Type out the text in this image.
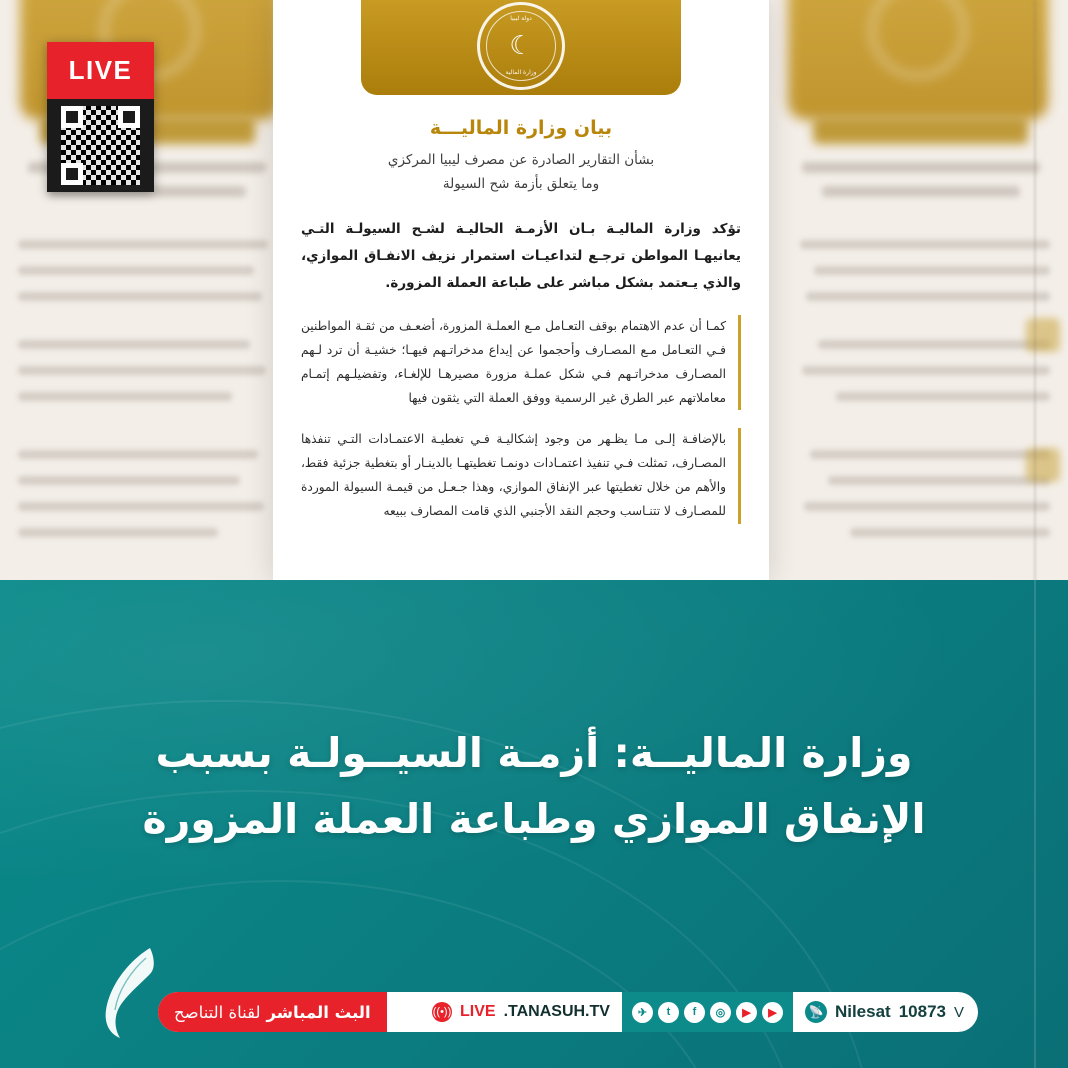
دولة ليبيا
☾
وزارة المالية
بيان وزارة الماليـــة
بشأن التقارير الصادرة عن مصرف ليبيا المركزي
وما يتعلق بأزمة شح السيولة
تؤكد وزارة الماليـة بـان الأزمـة الحاليـة لشـح السيولـة التـي يعانيهـا المواطن ترجـع لتداعيـات استمرار نزيف الانفـاق الموازي، والذي يـعتمد بشكل مباشر على طباعة العملة المزورة.
كمـا أن عدم الاهتمام بوقف التعـامل مـع العملـة المزورة، أضعـف من ثقـة المواطنين فـي التعـامل مـع المصـارف وأحجموا عن إيداع مدخراتـهم فيهـا؛ خشيـة أن ترد لـهم المصـارف مدخراتـهم فـي شكل عملـة مزورة مصيرهـا للإلغـاء، وتفضيلـهم إتمـام معاملاتهم عبر الطرق غير الرسمية ووفق العملة التي يثقون فيها
بالإضافـة إلـى مـا يظـهر من وجود إشكاليـة فـي تغطيـة الاعتمـادات التـي تنفذها المصـارف، تمثلت فـي تنفيذ اعتمـادات دونمـا تغطيتهـا بالدينـار أو بتغطية جزئية فقط، والأهم من خلال تغطيتها عبر الإنفاق الموازي، وهذا جـعـل من قيمـة السيولة الموردة للمصـارف لا تتنـاسب وحجم النقد الأجنبي الذي قامت المصارف ببيعه
LIVE
وزارة الماليــة: أزمـة السيــولـة بسبب
الإنفاق الموازي وطباعة العملة المزورة
📡 Nilesat 10873 V
▶
▶
◎
f
t
✈
((•)) LIVE .TANASUH.TV
البث المباشر
لقناة التناصح
